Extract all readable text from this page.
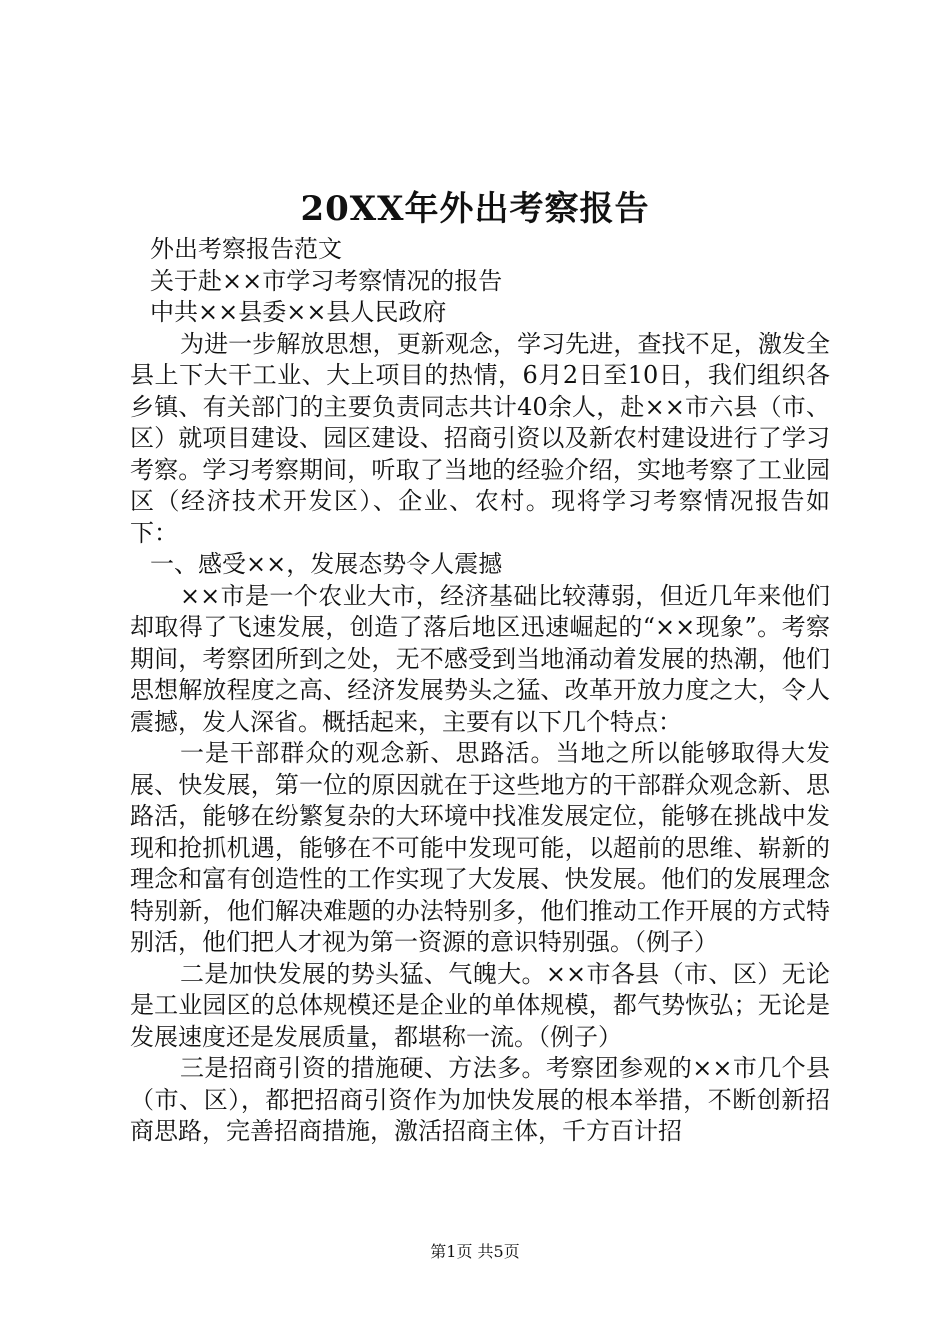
20XX年外出考察报告

外出考察报告范文

关于赴××市学习考察情况的报告

中共××县委××县人民政府

为进一步解放思想，更新观念，学习先进，查找不足，激发全县上下大干工业、大上项目的热情，6月2日至10日，我们组织各乡镇、有关部门的主要负责同志共计40余人，赴××市六县（市、区）就项目建设、园区建设、招商引资以及新农村建设进行了学习考察。学习考察期间，听取了当地的经验介绍，实地考察了工业园区（经济技术开发区）、企业、农村。现将学习考察情况报告如下：

一、感受××，发展态势令人震撼

××市是一个农业大市，经济基础比较薄弱，但近几年来他们却取得了飞速发展，创造了落后地区迅速崛起的“××现象”。考察期间，考察团所到之处，无不感受到当地涌动着发展的热潮，他们思想解放程度之高、经济发展势头之猛、改革开放力度之大，令人震撼，发人深省。概括起来，主要有以下几个特点：

一是干部群众的观念新、思路活。当地之所以能够取得大发展、快发展，第一位的原因就在于这些地方的干部群众观念新、思路活，能够在纷繁复杂的大环境中找准发展定位，能够在挑战中发现和抢抓机遇，能够在不可能中发现可能，以超前的思维、崭新的理念和富有创造性的工作实现了大发展、快发展。他们的发展理念特别新，他们解决难题的办法特别多，他们推动工作开展的方式特别活，他们把人才视为第一资源的意识特别强。（例子）

二是加快发展的势头猛、气魄大。××市各县（市、区）无论是工业园区的总体规模还是企业的单体规模，都气势恢弘；无论是发展速度还是发展质量，都堪称一流。（例子）

三是招商引资的措施硬、方法多。考察团参观的××市几个县（市、区），都把招商引资作为加快发展的根本举措，不断创新招商思路，完善招商措施，激活招商主体，千方百计招

第1页 共5页
